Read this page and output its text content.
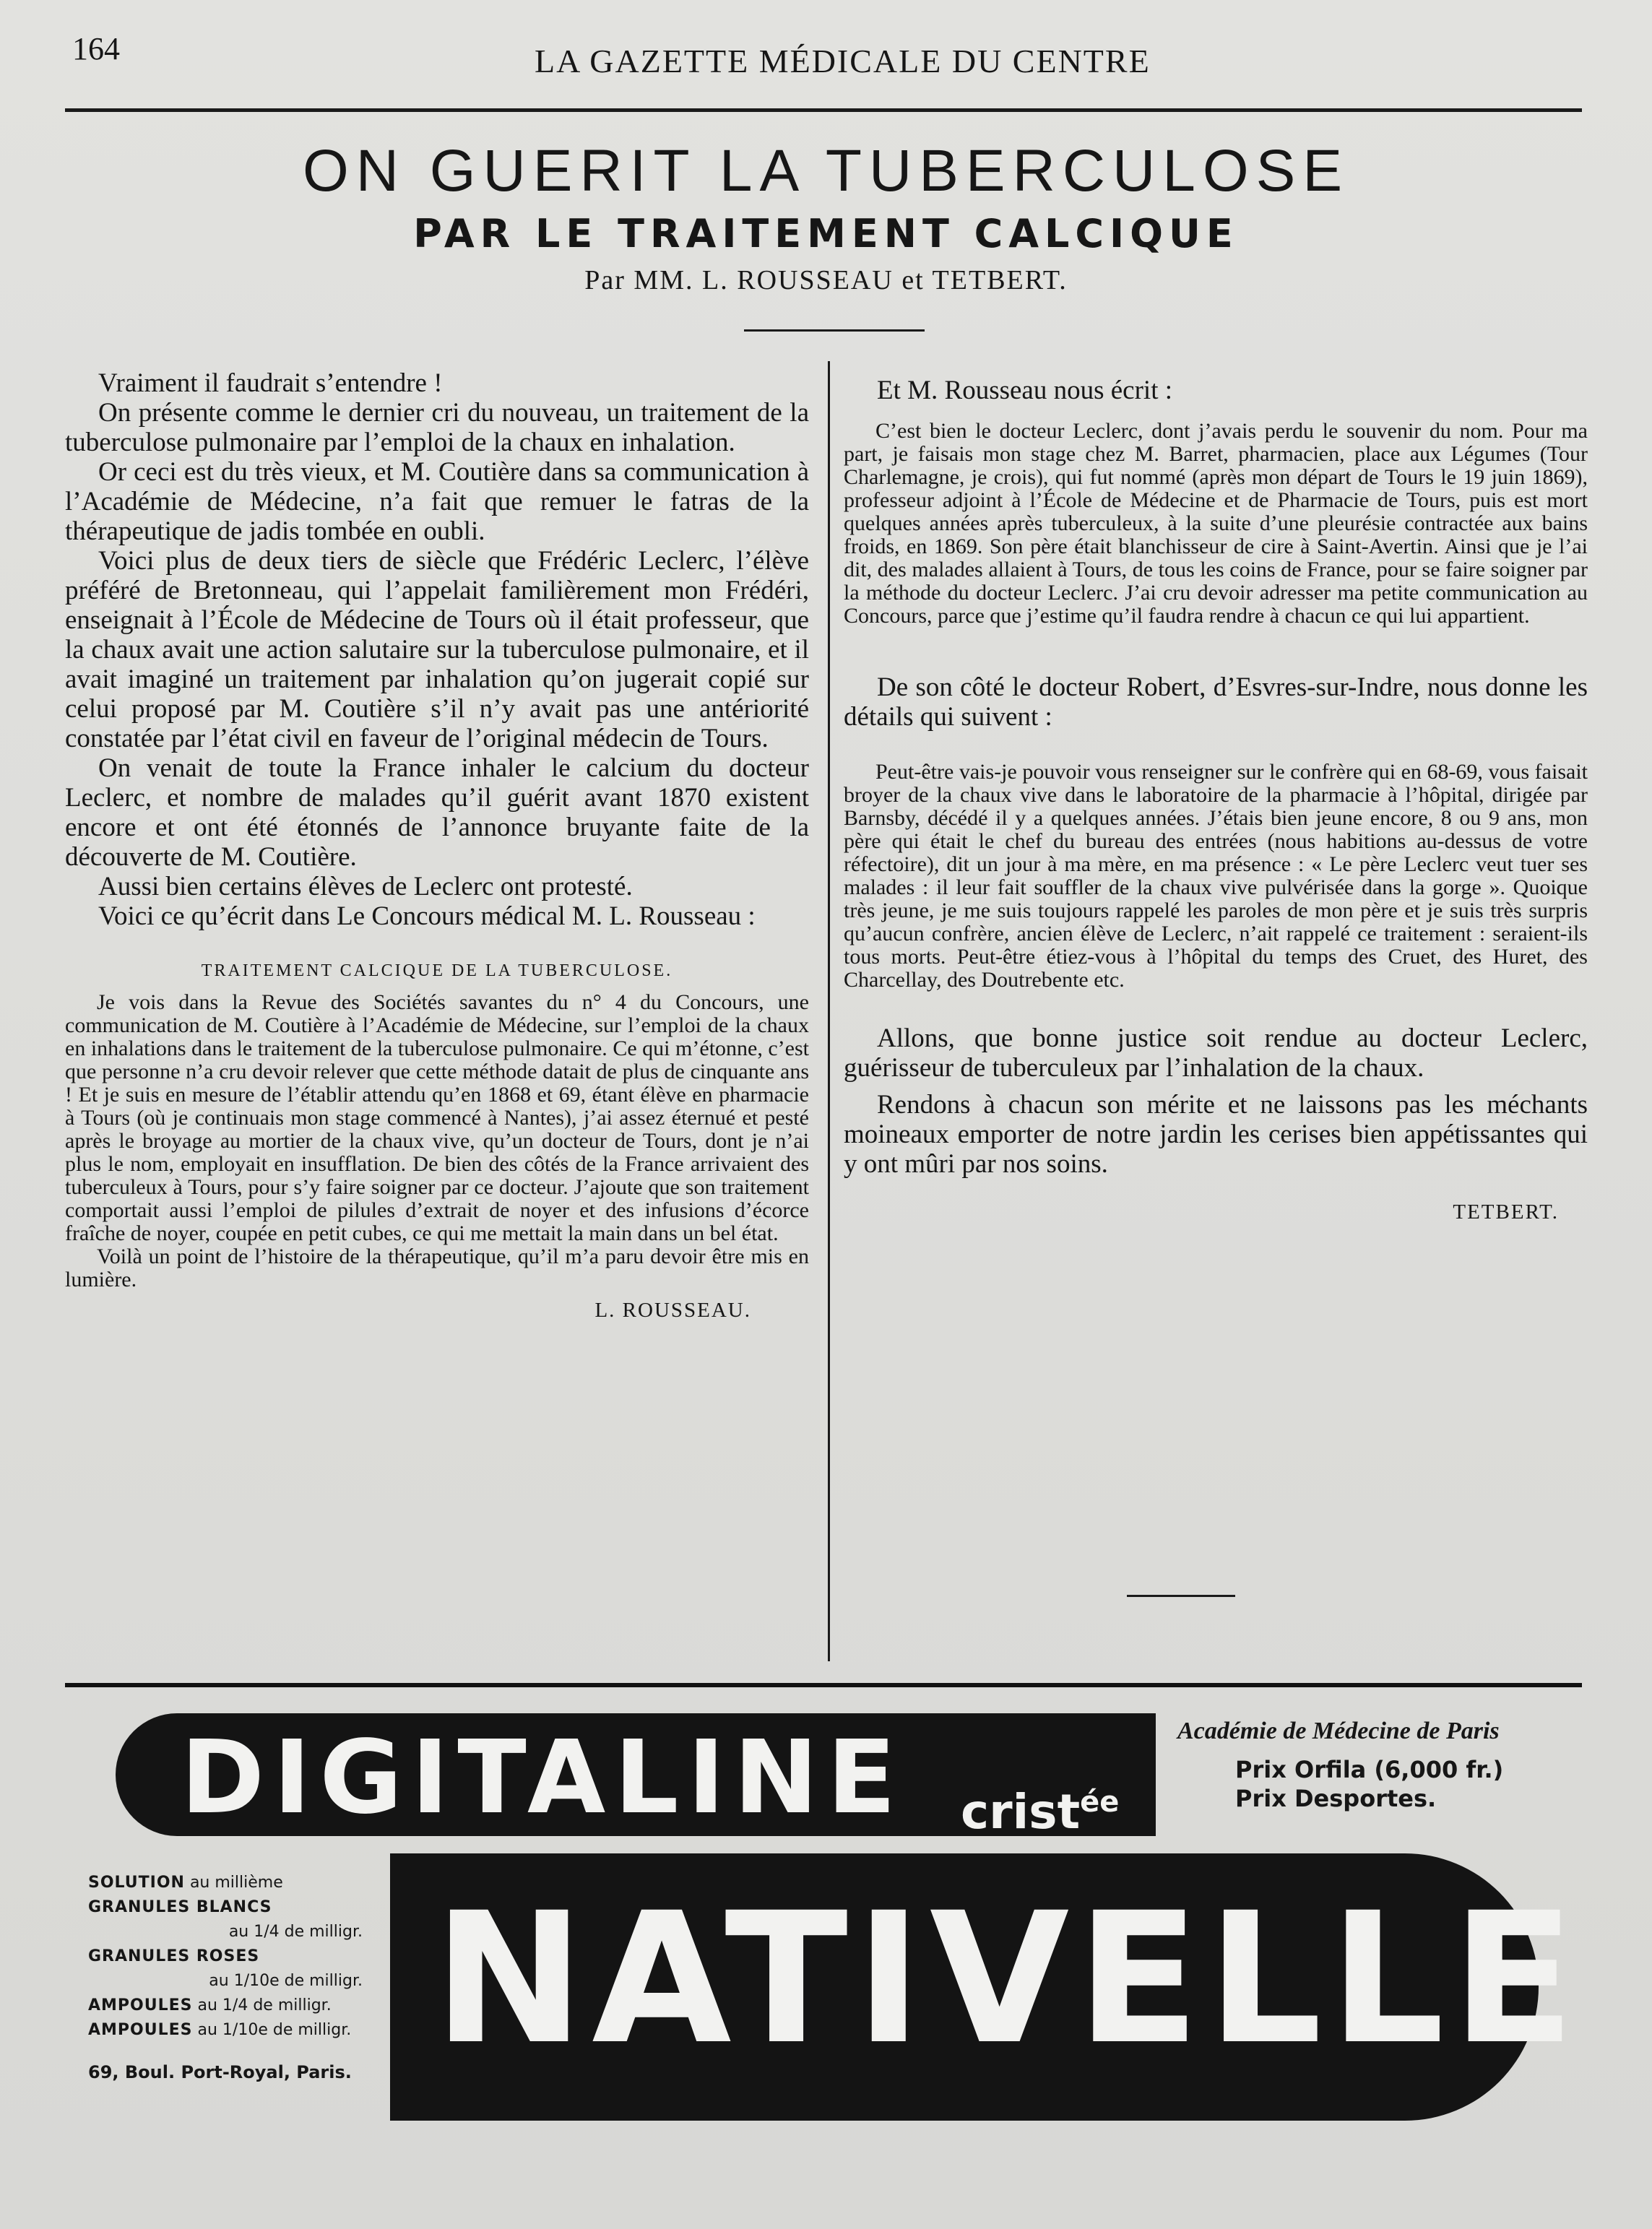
164	LA GAZETTE MÉDICALE DU CENTRE
ON GUERIT LA TUBERCULOSE
PAR LE TRAITEMENT CALCIQUE
Par MM. L. ROUSSEAU et TETBERT.

Vraiment il faudrait s’entendre !

On présente comme le dernier cri du nouveau, un traitement de la tuberculose pulmonaire par l’emploi de la chaux en inhalation.

Or ceci est du très vieux, et M. Coutière dans sa communication à l’Académie de Médecine, n’a fait que remuer le fatras de la thérapeutique de jadis tombée en oubli.

Voici plus de deux tiers de siècle que Frédéric Leclerc, l’élève préféré de Bretonneau, qui l’appelait familièrement mon Frédéri, enseignait à l’École de Médecine de Tours où il était professeur, que la chaux avait une action salutaire sur la tuberculose pulmonaire, et il avait imaginé un traitement par inhalation qu’on jugerait copié sur celui proposé par M. Coutière s’il n’y avait pas une antériorité constatée par l’état civil en faveur de l’original médecin de Tours.

On venait de toute la France inhaler le calcium du docteur Leclerc, et nombre de malades qu’il guérit avant 1870 existent encore et ont été étonnés de l’annonce bruyante faite de la découverte de M. Coutière.

Aussi bien certains élèves de Leclerc ont protesté.

Voici ce qu’écrit dans Le Concours médical M. L. Rousseau :

TRAITEMENT CALCIQUE DE LA TUBERCULOSE.

Je vois dans la Revue des Sociétés savantes du n° 4 du Concours, une communication de M. Coutière à l’Académie de Médecine, sur l’emploi de la chaux en inhalations dans le traitement de la tuberculose pulmonaire. Ce qui m’étonne, c’est que personne n’a cru devoir relever que cette méthode datait de plus de cinquante ans ! Et je suis en mesure de l’établir attendu qu’en 1868 et 69, étant élève en pharmacie à Tours (où je continuais mon stage commencé à Nantes), j’ai assez éternué et pesté après le broyage au mortier de la chaux vive, qu’un docteur de Tours, dont je n’ai plus le nom, employait en insufflation. De bien des côtés de la France arrivaient des tuberculeux à Tours, pour s’y faire soigner par ce docteur. J’ajoute que son traitement comportait aussi l’emploi de pilules d’extrait de noyer et des infusions d’écorce fraîche de noyer, coupée en petit cubes, ce qui me mettait la main dans un bel état.

Voilà un point de l’histoire de la thérapeutique, qu’il m’a paru devoir être mis en lumière.

L. ROUSSEAU.

Et M. Rousseau nous écrit :

C’est bien le docteur Leclerc, dont j’avais perdu le souvenir du nom. Pour ma part, je faisais mon stage chez M. Barret, pharmacien, place aux Légumes (Tour Charlemagne, je crois), qui fut nommé (après mon départ de Tours le 19 juin 1869), professeur adjoint à l’École de Médecine et de Pharmacie de Tours, puis est mort quelques années après tuberculeux, à la suite d’une pleurésie contractée aux bains froids, en 1869. Son père était blanchisseur de cire à Saint-Avertin. Ainsi que je l’ai dit, des malades allaient à Tours, de tous les coins de France, pour se faire soigner par la méthode du docteur Leclerc. J’ai cru devoir adresser ma petite communication au Concours, parce que j’estime qu’il faudra rendre à chacun ce qui lui appartient.

De son côté le docteur Robert, d’Esvres-sur-Indre, nous donne les détails qui suivent :

Peut-être vais-je pouvoir vous renseigner sur le confrère qui en 68-69, vous faisait broyer de la chaux vive dans le laboratoire de la pharmacie à l’hôpital, dirigée par Barnsby, décédé il y a quelques années. J’étais bien jeune encore, 8 ou 9 ans, mon père qui était le chef du bureau des entrées (nous habitions au-dessus de votre réfectoire), dit un jour à ma mère, en ma présence : « Le père Leclerc veut tuer ses malades : il leur fait souffler de la chaux vive pulvérisée dans la gorge ». Quoique très jeune, je me suis toujours rappelé les paroles de mon père et je suis très surpris qu’aucun confrère, ancien élève de Leclerc, n’ait rappelé ce traitement : seraient-ils tous morts. Peut-être étiez-vous à l’hôpital du temps des Cruet, des Huret, des Charcellay, des Doutrebente etc.

Allons, que bonne justice soit rendue au docteur Leclerc, guérisseur de tuberculeux par l’inhalation de la chaux.

Rendons à chacun son mérite et ne laissons pas les méchants moineaux emporter de notre jardin les cerises bien appétissantes qui y ont mûri par nos soins.

TETBERT.

DIGITALINE crist$^{ée}$
Académie de Médecine de Paris
Prix Orfila (6,000 fr.)
Prix Desportes.
NATIVELLE
SOLUTION au millième
GRANULES BLANCS
au 1/4 de milligr.
GRANULES ROSES
au 1/10e de milligr.
AMPOULES au 1/4 de milligr.
AMPOULES au 1/10e de milligr.
69, Boul. Port-Royal, Paris.
